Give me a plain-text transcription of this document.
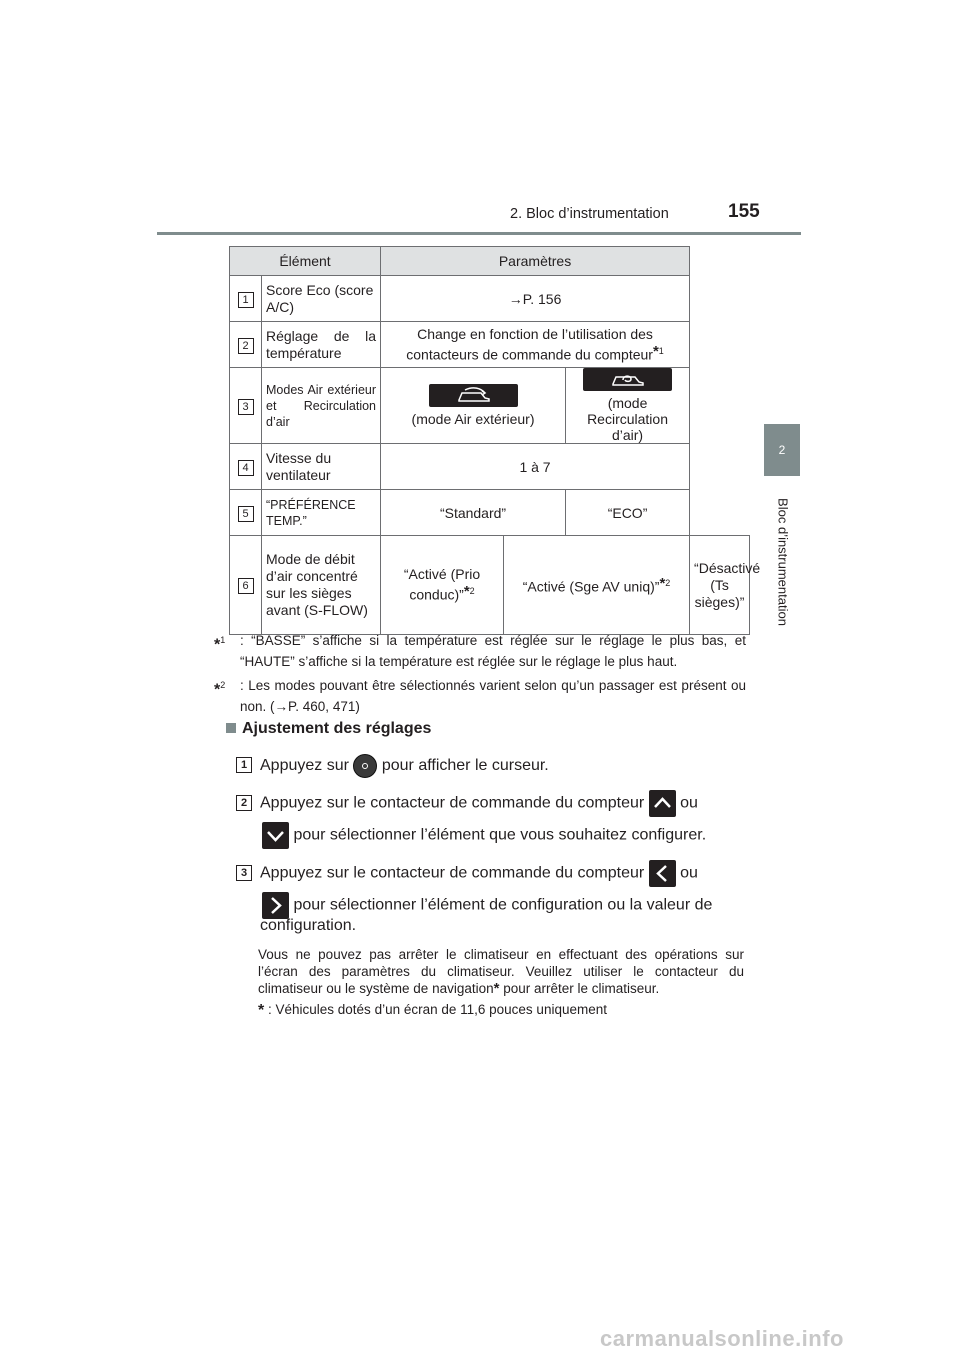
2. Bloc d’instrumentation	155
2
Bloc d’instrumentation
Élément		Paramètres			
1	Score Eco (score A/C)	→P. 156			
2	Réglage de la température	Change en fonction de l’utilisation des contacteurs de commande du compteur*$^1$
3	Modes Air extérieur et Recirculation d’air	(mode Air extérieur)		(mode Recirculation d’air)	
4	Vitesse du ventilateur	1 à 7			
5	“PRÉFÉRENCE TEMP.”	“Standard”		“ECO”	
6	Mode de débit d’air concentré sur les sièges avant (S-FLOW)	“Activé (Prio conduc)”*$^2$	“Activé (Sge AV uniq)”*$^2$		“Désactivé (Ts sièges)”
*$^1$ : “BASSE” s’affiche si la température est réglée sur le réglage le plus bas, et “HAUTE” s’affiche si la température est réglée sur le réglage le plus haut.
*$^2$ : Les modes pouvant être sélectionnés varient selon qu’un passager est présent ou non. (→P. 460, 471)
Ajustement des réglages
1 Appuyez sur pour afficher le curseur.
2 Appuyez sur le contacteur de commande du compteur ou
pour sélectionner l’élément que vous souhaitez configurer.
3 Appuyez sur le contacteur de commande du compteur ou
pour sélectionner l’élément de configuration ou la valeur de
configuration.
Vous ne pouvez pas arrêter le climatiseur en effectuant des opérations sur l’écran des paramètres du climatiseur. Veuillez utiliser le contacteur du climatiseur ou le système de navigation* pour arrêter le climatiseur.
* : Véhicules dotés d’un écran de 11,6 pouces uniquement
carmanualsonline.info
